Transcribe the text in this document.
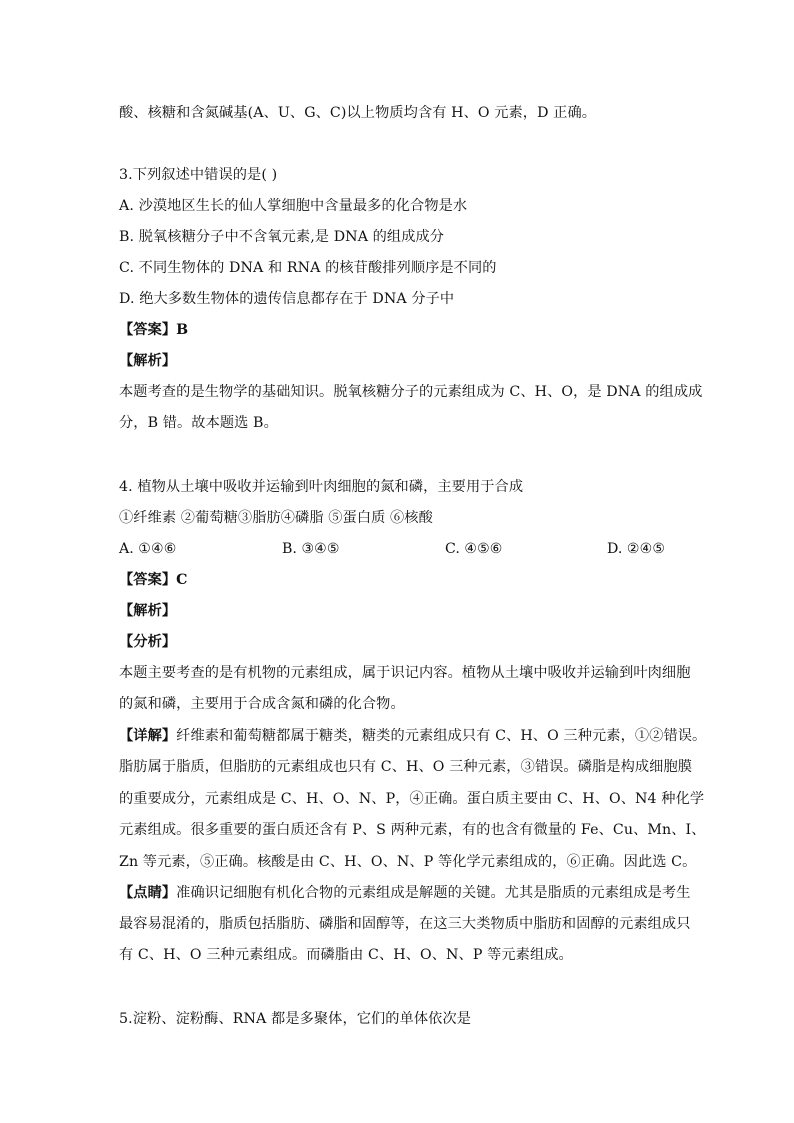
酸、核糖和含氮碱基(A、U、G、C)以上物质均含有 H、O 元素，D 正确。
3.下列叙述中错误的是( )
A. 沙漠地区生长的仙人掌细胞中含量最多的化合物是水
B. 脱氧核糖分子中不含氧元素,是 DNA 的组成成分
C. 不同生物体的 DNA 和 RNA 的核苷酸排列顺序是不同的
D. 绝大多数生物体的遗传信息都存在于 DNA 分子中
【答案】B
【解析】
本题考查的是生物学的基础知识。脱氧核糖分子的元素组成为 C、H、O，是 DNA 的组成成
分，B 错。故本题选 B。
4. 植物从土壤中吸收并运输到叶肉细胞的氮和磷，主要用于合成
①纤维素 ②葡萄糖③脂肪④磷脂 ⑤蛋白质 ⑥核酸
A. ①④⑥	B. ③④⑤	C. ④⑤⑥	D. ②④⑤
【答案】C
【解析】
【分析】
本题主要考查的是有机物的元素组成，属于识记内容。植物从土壤中吸收并运输到叶肉细胞
的氮和磷，主要用于合成含氮和磷的化合物。
【详解】纤维素和葡萄糖都属于糖类，糖类的元素组成只有 C、H、O 三种元素，①②错误。
脂肪属于脂质，但脂肪的元素组成也只有 C、H、O 三种元素，③错误。磷脂是构成细胞膜
的重要成分，元素组成是 C、H、O、N、P，④正确。蛋白质主要由 C、H、O、N4 种化学
元素组成。很多重要的蛋白质还含有 P、S 两种元素，有的也含有微量的 Fe、Cu、Mn、I、
Zn 等元素，⑤正确。核酸是由 C、H、O、N、P 等化学元素组成的，⑥正确。因此选 C。
【点睛】准确识记细胞有机化合物的元素组成是解题的关键。尤其是脂质的元素组成是考生
最容易混淆的，脂质包括脂肪、磷脂和固醇等，在这三大类物质中脂肪和固醇的元素组成只
有 C、H、O 三种元素组成。而磷脂由 C、H、O、N、P 等元素组成。
5.淀粉、淀粉酶、RNA 都是多聚体，它们的单体依次是
